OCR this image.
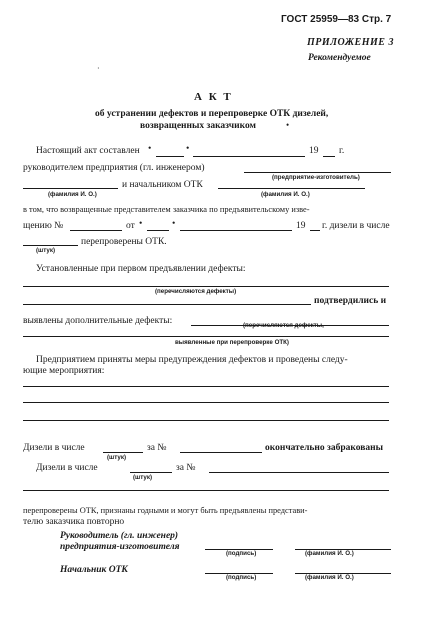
ГОСТ 25959—83 Стр. 7
ПРИЛОЖЕНИЕ 3
Рекомендуемое
·
А К Т
об устранении дефектов и перепроверке ОТК дизелей,
возвращенных заказчиком	•
Настоящий акт составлен •	•	19 г.
руководителем предприятия (гл. инженером)
(предприятие-изготовитель)
и начальником ОТК
(фамилия И. О.)	(фамилия И. О.)
в том, что возвращенные представителем заказчика по предъявительскому изве-
щению №	от •	•	19 г. дизели в числе
(штук)
перепроверены ОТК.
Установленные при первом предъявлении дефекты:
(перечисляются дефекты)
подтвердились и
выявлены дополнительные дефекты:	(перечисляются дефекты,
выявленные при перепроверке ОТК)
Предприятием приняты меры предупреждения дефектов и проведены следу-
ющие мероприятия:
Дизели в числе
(штук)
за №	окончательно забракованы
Дизели в числе
(штук)
за №
перепроверены ОТК, признаны годными и могут быть предъявлены представи-
телю заказчика повторно
Руководитель (гл. инженер)
предприятия-изготовителя
(подпись)	(фамилия И. О.)
Начальник ОТК
(подпись)	(фамилия И. О.)
